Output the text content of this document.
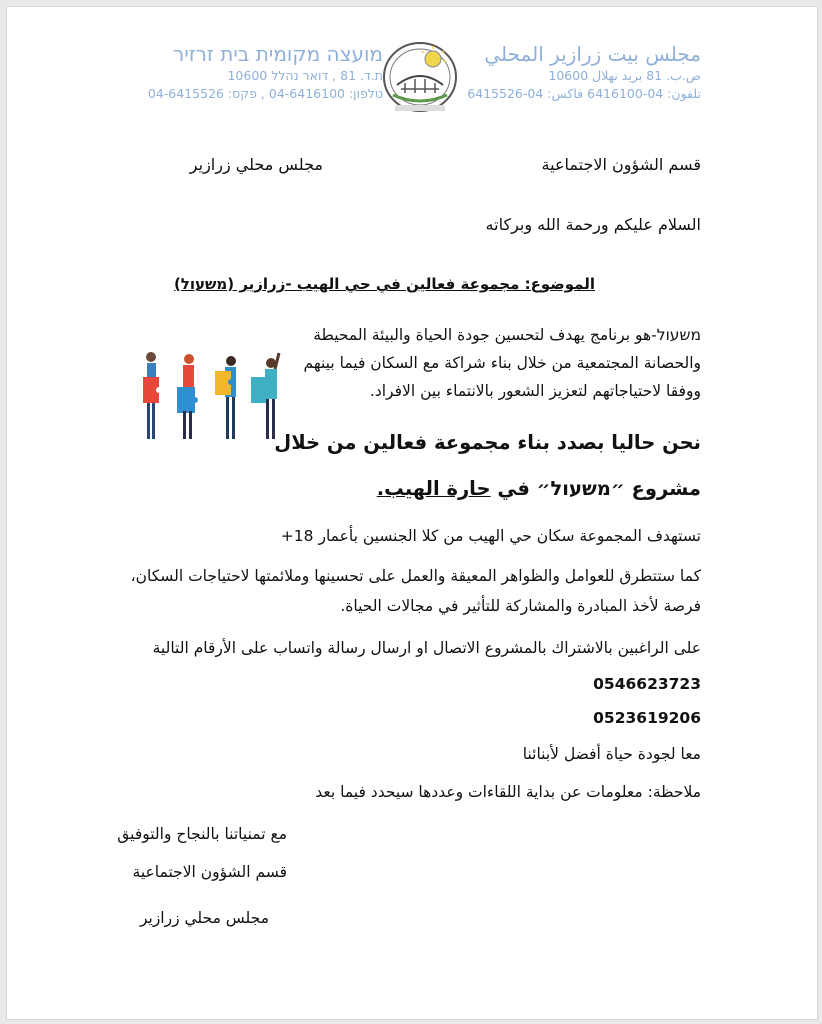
مجلس بيت زرازير المحلي
ص.ب. 81 بريد نهلال 10600
تلفون: 04-6416100 فاكس: 04-6415526
מועצה מקומית בית זרזיר
ת.ד. 81 , דואר נהלל 10600
טלפון: 04-6416100 , פקס: 04-6415526
قسم الشؤون الاجتماعية
مجلس محلي زرازير
السلام عليكم ورحمة الله وبركاته
الموضوع: مجموعة فعالين في حي الهيب -زرازير (משעול)
משעול-هو برنامج يهدف لتحسين جودة الحياة والبيئة المحيطة
والحصانة المجتمعية من خلال بناء شراكة مع السكان فيما بينهم
ووفقا لاحتياجاتهم لتعزيز الشعور بالانتماء بين الافراد.
نحن حاليا بصدد بناء مجموعة فعالين من خلال
مشروع ״משעול״ في حارة الهيب.
تستهدف المجموعة سكان حي الهيب من كلا الجنسين بأعمار 18+
كما ستتطرق للعوامل والظواهر المعيقة والعمل على تحسينها وملائمتها لاحتياجات السكان،
فرصة لأخذ المبادرة والمشاركة للتأثير في مجالات الحياة.
على الراغبين بالاشتراك بالمشروع الاتصال او ارسال رسالة واتساب على الأرقام التالية
0546623723
0523619206
معا لجودة حياة أفضل لأبنائنا
ملاحظة: معلومات عن بداية اللقاءات وعددها سيحدد فيما بعد
مع تمنياتنا بالنجاح والتوفيق
قسم الشؤون الاجتماعية
مجلس محلي زرازير
